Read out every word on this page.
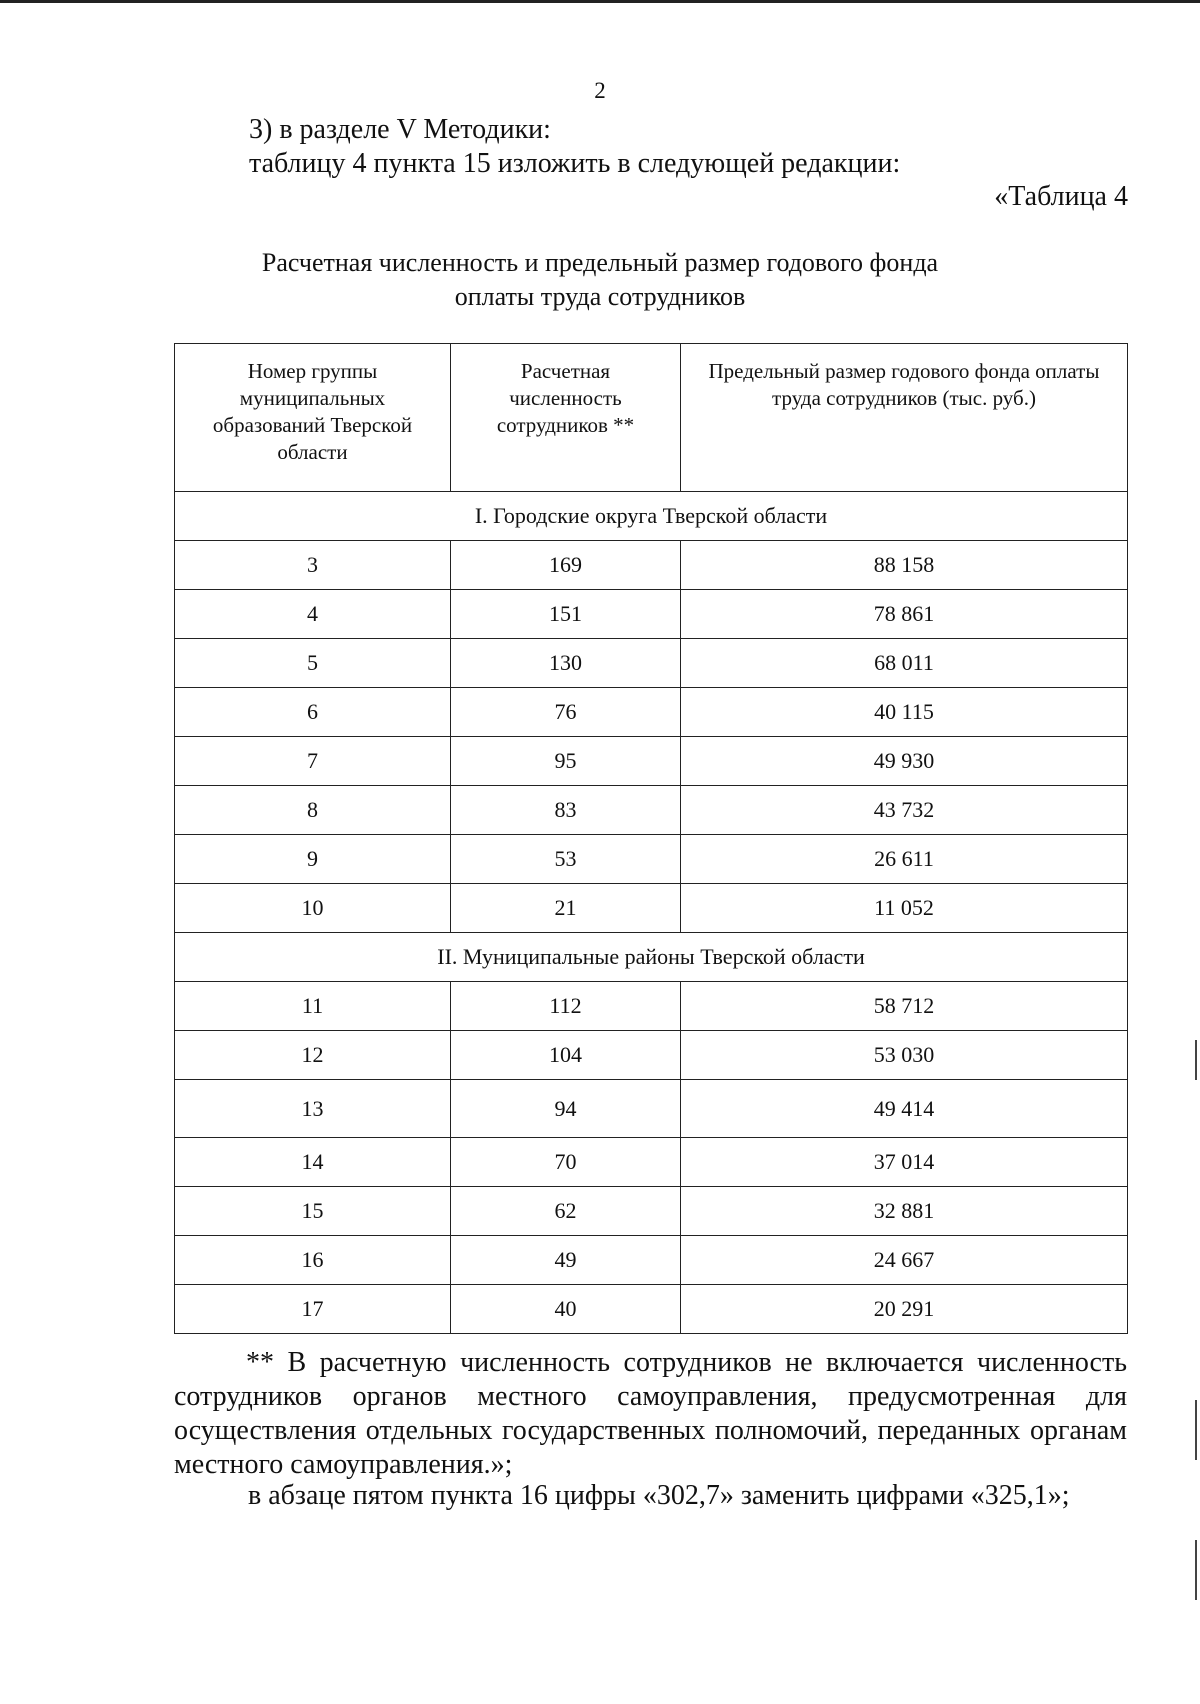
2
3) в разделе V Методики:
таблицу 4 пункта 15 изложить в следующей редакции:
«Таблица 4
Расчетная численность и предельный размер годового фонда оплаты труда сотрудников
Номер группы муниципальных образований Тверской области	Расчетная численность сотрудников **	Предельный размер годового фонда оплаты труда сотрудников (тыс. руб.)

I. Городские округа Тверской области		
3	169	88 158
4	151	78 861
5	130	68 011
6	76	40 115
7	95	49 930
8	83	43 732
9	53	26 611
10	21	11 052
II. Муниципальные районы Тверской области		
11	112	58 712
12	104	53 030
13	94	49 414
14	70	37 014
15	62	32 881
16	49	24 667
17	40	20 291
** В расчетную численность сотрудников не включается численность сотрудников органов местного самоуправления, предусмотренная для осуществления отдельных государственных полномочий, переданных органам местного самоуправления.»;
в абзаце пятом пункта 16 цифры «302,7» заменить цифрами «325,1»;
